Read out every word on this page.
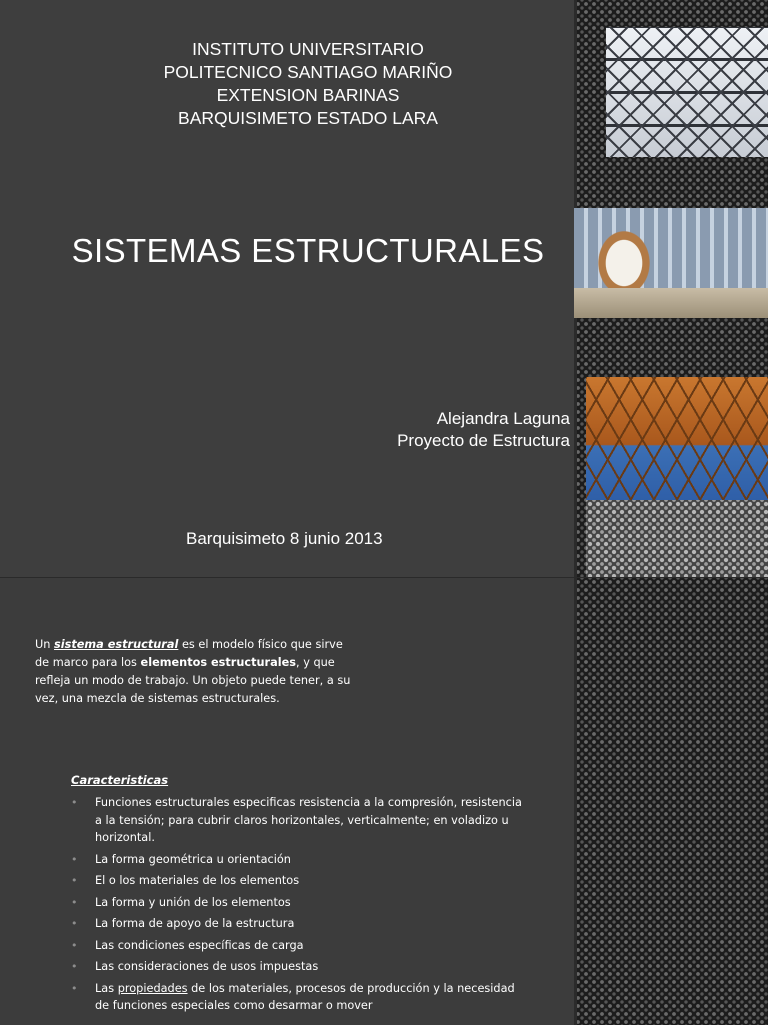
INSTITUTO UNIVERSITARIO
POLITECNICO SANTIAGO MARIÑO
EXTENSION BARINAS
BARQUISIMETO ESTADO LARA
SISTEMAS ESTRUCTURALES
Alejandra Laguna
Proyecto de Estructura
Barquisimeto 8 junio 2013

Un sistema estructural es el modelo físico que sirve de marco para los elementos estructurales, y que refleja un modo de trabajo. Un objeto puede tener, a su vez, una mezcla de sistemas estructurales.

Caracteristicas
• Funciones estructurales especificas resistencia a la compresión, resistencia a la tensión; para cubrir claros horizontales, verticalmente; en voladizo u horizontal.
• La forma geométrica u orientación
• El o los materiales de los elementos
• La forma y unión de los elementos
• La forma de apoyo de la estructura
• Las condiciones específicas de carga
• Las consideraciones de usos impuestas
• Las propiedades de los materiales, procesos de producción y la necesidad de funciones especiales como desarmar o mover
